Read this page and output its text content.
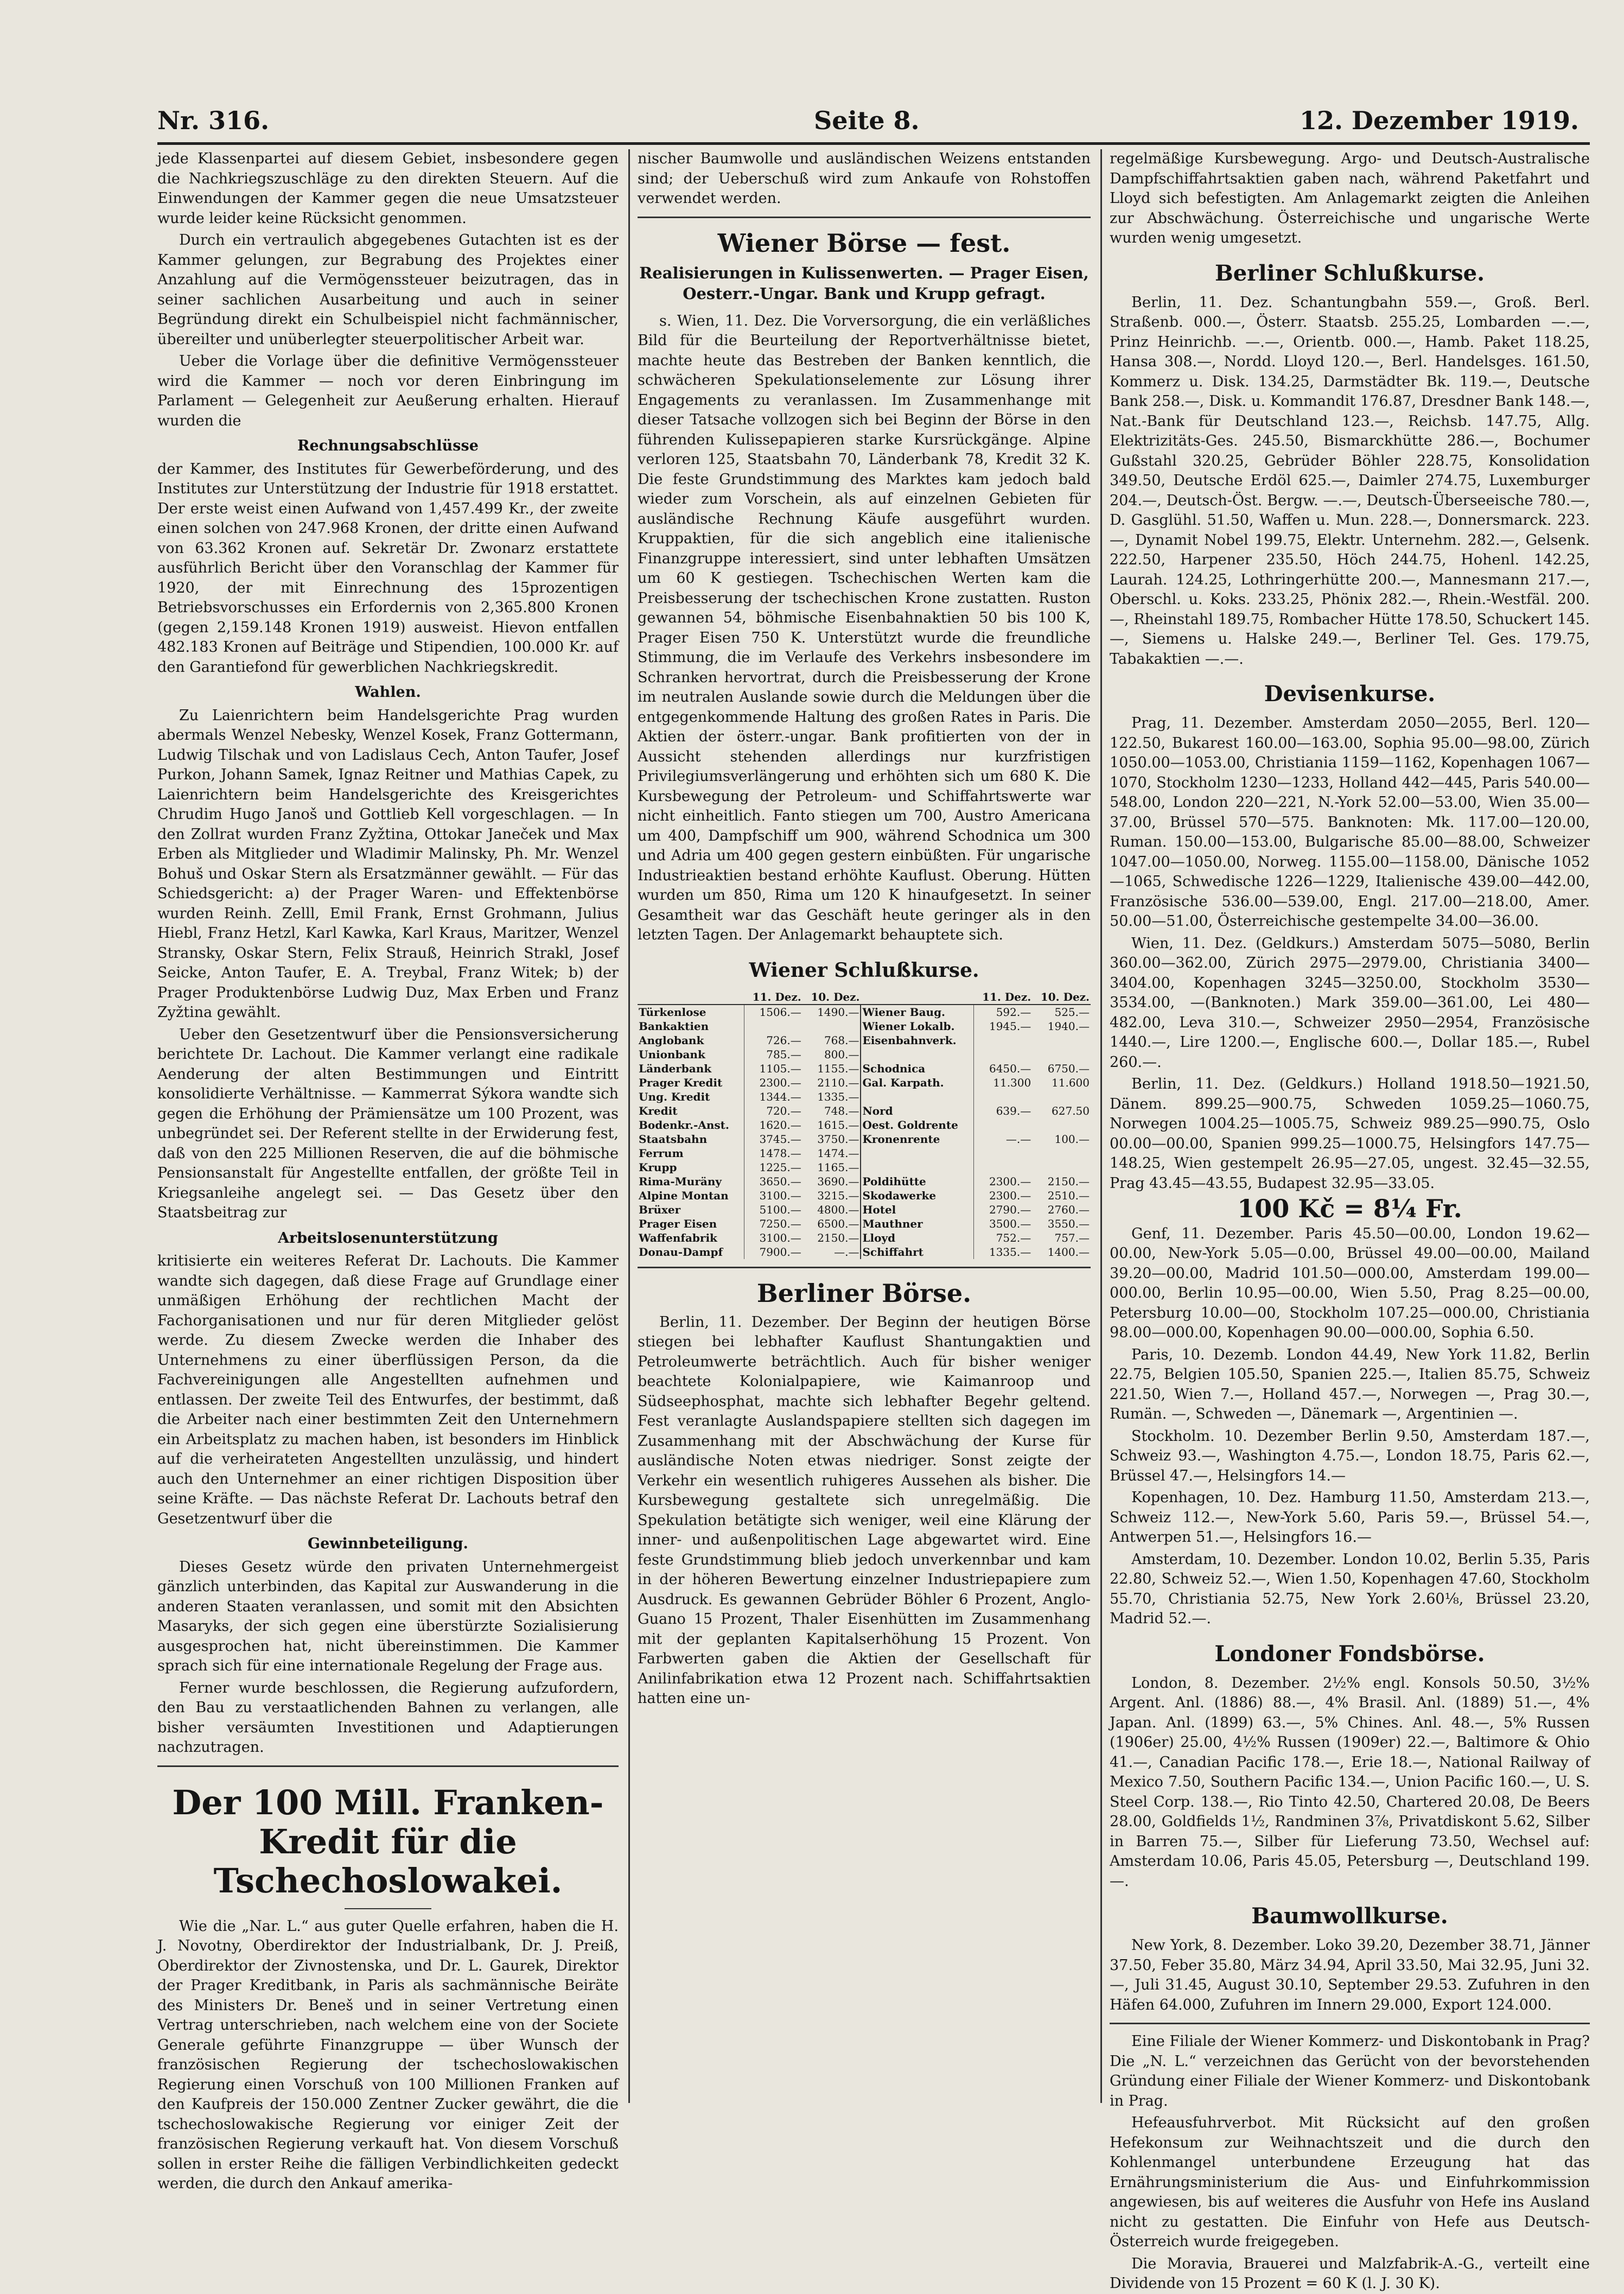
Nr. 316.	Seite 8.	12. Dezember 1919.

jede Klassenpartei auf diesem Gebiet, insbesondere gegen die Nachkriegszuschläge zu den direkten Steuern. Auf die Einwendungen der Kammer gegen die neue Umsatzsteuer wurde leider keine Rücksicht genommen.

Durch ein vertraulich abgegebenes Gutachten ist es der Kammer gelungen, zur Begrabung des Projektes einer Anzahlung auf die Vermögenssteuer beizutragen, das in seiner sachlichen Ausarbeitung und auch in seiner Begründung direkt ein Schulbeispiel nicht fachmännischer, übereilter und unüberlegter steuerpolitischer Arbeit war.

Ueber die Vorlage über die definitive Vermögenssteuer wird die Kammer — noch vor deren Einbringung im Parlament — Gelegenheit zur Aeußerung erhalten. Hierauf wurden die

Rechnungsabschlüsse

der Kammer, des Institutes für Gewerbeförderung, und des Institutes zur Unterstützung der Industrie für 1918 erstattet. Der erste weist einen Aufwand von 1,457.499 Kr., der zweite einen solchen von 247.968 Kronen, der dritte einen Aufwand von 63.362 Kronen auf. Sekretär Dr. Zwonarz erstattete ausführlich Bericht über den Voranschlag der Kammer für 1920, der mit Einrechnung des 15prozentigen Betriebsvorschusses ein Erfordernis von 2,365.800 Kronen (gegen 2,159.148 Kronen 1919) ausweist. Hievon entfallen 482.183 Kronen auf Beiträge und Stipendien, 100.000 Kr. auf den Garantiefond für gewerblichen Nachkriegskredit.

Wahlen.

Zu Laienrichtern beim Handelsgerichte Prag wurden abermals Wenzel Nebesky, Wenzel Kosek, Franz Gottermann, Ludwig Tilschak und von Ladislaus Cech, Anton Taufer, Josef Purkon, Johann Samek, Ignaz Reitner und Mathias Capek, zu Laienrichtern beim Handelsgerichte des Kreisgerichtes Chrudim Hugo Janoš und Gottlieb Kell vorgeschlagen. — In den Zollrat wurden Franz Zyžtina, Ottokar Janeček und Max Erben als Mitglieder und Wladimir Malinsky, Ph. Mr. Wenzel Bohuš und Oskar Stern als Ersatzmänner gewählt. — Für das Schiedsgericht: a) der Prager Waren- und Effektenbörse wurden Reinh. Zelll, Emil Frank, Ernst Grohmann, Julius Hiebl, Franz Hetzl, Karl Kawka, Karl Kraus, Maritzer, Wenzel Stransky, Oskar Stern, Felix Strauß, Heinrich Strakl, Josef Seicke, Anton Taufer, E. A. Treybal, Franz Witek; b) der Prager Produktenbörse Ludwig Duz, Max Erben und Franz Zyžtina gewählt.

Ueber den Gesetzentwurf über die Pensionsversicherung berichtete Dr. Lachout. Die Kammer verlangt eine radikale Aenderung der alten Bestimmungen und Eintritt konsolidierte Verhältnisse. — Kammerrat Sýkora wandte sich gegen die Erhöhung der Prämiensätze um 100 Prozent, was unbegründet sei. Der Referent stellte in der Erwiderung fest, daß von den 225 Millionen Reserven, die auf die böhmische Pensionsanstalt für Angestellte entfallen, der größte Teil in Kriegsanleihe angelegt sei. — Das Gesetz über den Staatsbeitrag zur

Arbeitslosenunterstützung

kritisierte ein weiteres Referat Dr. Lachouts. Die Kammer wandte sich dagegen, daß diese Frage auf Grundlage einer unmäßigen Erhöhung der rechtlichen Macht der Fachorganisationen und nur für deren Mitglieder gelöst werde. Zu diesem Zwecke werden die Inhaber des Unternehmens zu einer überflüssigen Person, da die Fachvereinigungen alle Angestellten aufnehmen und entlassen. Der zweite Teil des Entwurfes, der bestimmt, daß die Arbeiter nach einer bestimmten Zeit den Unternehmern ein Arbeitsplatz zu machen haben, ist besonders im Hinblick auf die verheirateten Angestellten unzulässig, und hindert auch den Unternehmer an einer richtigen Disposition über seine Kräfte. — Das nächste Referat Dr. Lachouts betraf den Gesetzentwurf über die

Gewinnbeteiligung.

Dieses Gesetz würde den privaten Unternehmergeist gänzlich unterbinden, das Kapital zur Auswanderung in die anderen Staaten veranlassen, und somit mit den Absichten Masaryks, der sich gegen eine überstürzte Sozialisierung ausgesprochen hat, nicht übereinstimmen. Die Kammer sprach sich für eine internationale Regelung der Frage aus.

Ferner wurde beschlossen, die Regierung aufzufordern, den Bau zu verstaatlichenden Bahnen zu verlangen, alle bisher versäumten Investitionen und Adaptierungen nachzutragen.

Der 100 Mill. Franken-Kredit für die Tschechoslowakei.

Wie die „Nar. L.“ aus guter Quelle erfahren, haben die H. J. Novotny, Oberdirektor der Industrialbank, Dr. J. Preiß, Oberdirektor der Zivnostenska, und Dr. L. Gaurek, Direktor der Prager Kreditbank, in Paris als sachmännische Beiräte des Ministers Dr. Beneš und in seiner Vertretung einen Vertrag unterschrieben, nach welchem eine von der Societe Generale geführte Finanzgruppe — über Wunsch der französischen Regierung der tschechoslowakischen Regierung einen Vorschuß von 100 Millionen Franken auf den Kaufpreis der 150.000 Zentner Zucker gewährt, die die tschechoslowakische Regierung vor einiger Zeit der französischen Regierung verkauft hat. Von diesem Vorschuß sollen in erster Reihe die fälligen Verbindlichkeiten gedeckt werden, die durch den Ankauf amerika-

nischer Baumwolle und ausländischen Weizens entstanden sind; der Ueberschuß wird zum Ankaufe von Rohstoffen verwendet werden.

Wiener Börse — fest.
Realisierungen in Kulissenwerten. — Prager Eisen, Oesterr.-Ungar. Bank und Krupp gefragt.

s. Wien, 11. Dez. Die Vorversorgung, die ein verläßliches Bild für die Beurteilung der Reportverhältnisse bietet, machte heute das Bestreben der Banken kenntlich, die schwächeren Spekulationselemente zur Lösung ihrer Engagements zu veranlassen. Im Zusammenhange mit dieser Tatsache vollzogen sich bei Beginn der Börse in den führenden Kulissepapieren starke Kursrückgänge. Alpine verloren 125, Staatsbahn 70, Länderbank 78, Kredit 32 K. Die feste Grundstimmung des Marktes kam jedoch bald wieder zum Vorschein, als auf einzelnen Gebieten für ausländische Rechnung Käufe ausgeführt wurden. Kruppaktien, für die sich angeblich eine italienische Finanzgruppe interessiert, sind unter lebhaften Umsätzen um 60 K gestiegen. Tschechischen Werten kam die Preisbesserung der tschechischen Krone zustatten. Ruston gewannen 54, böhmische Eisenbahnaktien 50 bis 100 K, Prager Eisen 750 K. Unterstützt wurde die freundliche Stimmung, die im Verlaufe des Verkehrs insbesondere im Schranken hervortrat, durch die Preisbesserung der Krone im neutralen Auslande sowie durch die Meldungen über die entgegenkommende Haltung des großen Rates in Paris. Die Aktien der österr.-ungar. Bank profitierten von der in Aussicht stehenden allerdings nur kurzfristigen Privilegiumsverlängerung und erhöhten sich um 680 K. Die Kursbewegung der Petroleum- und Schiffahrtswerte war nicht einheitlich. Fanto stiegen um 700, Austro Americana um 400, Dampfschiff um 900, während Schodnica um 300 und Adria um 400 gegen gestern einbüßten. Für ungarische Industrieaktien bestand erhöhte Kauflust. Oberung. Hütten wurden um 850, Rima um 120 K hinaufgesetzt. In seiner Gesamtheit war das Geschäft heute geringer als in den letzten Tagen. Der Anlagemarkt behauptete sich.

Wiener Schlußkurse.
	11. Dez.	10. Dez.		11. Dez.	10. Dez.
Türkenlose	1506.—	1490.—	Wiener Baug.	592.—	525.—
Bankaktien			Wiener Lokalb.	1945.—	1940.—
Anglobank	726.—	768.—	Eisenbahnverk.		
Unionbank	785.—	800.—			
Länderbank	1105.—	1155.—	Schodnica	6450.—	6750.—
Prager Kredit	2300.—	2110.—	Gal. Karpath.	11.300	11.600
Ung. Kredit	1344.—	1335.—			
Kredit	720.—	748.—	Nord	639.—	627.50
Bodenkr.-Anst.	1620.—	1615.—	Oest. Goldrente		
Staatsbahn	3745.—	3750.—	Kronenrente	—.—	100.—
Ferrum	1478.—	1474.—			
Krupp	1225.—	1165.—			
Rima-Muräny	3650.—	3690.—	Poldihütte	2300.—	2150.—
Alpine Montan	3100.—	3215.—	Skodawerke	2300.—	2510.—
Brüxer	5100.—	4800.—	Hotel	2790.—	2760.—
Prager Eisen	7250.—	6500.—	Mauthner	3500.—	3550.—
Waffenfabrik	3100.—	2150.—	Lloyd	752.—	757.—
Donau-Dampf	7900.—	—.—	Schiffahrt	1335.—	1400.—
Berliner Börse.

Berlin, 11. Dezember. Der Beginn der heutigen Börse stiegen bei lebhafter Kauflust Shantungaktien und Petroleumwerte beträchtlich. Auch für bisher weniger beachtete Kolonialpapiere, wie Kaimanroop und Südseephosphat, machte sich lebhafter Begehr geltend. Fest veranlagte Auslandspapiere stellten sich dagegen im Zusammenhang mit der Abschwächung der Kurse für ausländische Noten etwas niedriger. Sonst zeigte der Verkehr ein wesentlich ruhigeres Aussehen als bisher. Die Kursbewegung gestaltete sich unregelmäßig. Die Spekulation betätigte sich weniger, weil eine Klärung der inner- und außenpolitischen Lage abgewartet wird. Eine feste Grundstimmung blieb jedoch unverkennbar und kam in der höheren Bewertung einzelner Industriepapiere zum Ausdruck. Es gewannen Gebrüder Böhler 6 Prozent, Anglo-Guano 15 Prozent, Thaler Eisenhütten im Zusammenhang mit der geplanten Kapitalserhöhung 15 Prozent. Von Farbwerten gaben die Aktien der Gesellschaft für Anilinfabrikation etwa 12 Prozent nach. Schiffahrtsaktien hatten eine un-

regelmäßige Kursbewegung. Argo- und Deutsch-Australische Dampfschiffahrtsaktien gaben nach, während Paketfahrt und Lloyd sich befestigten. Am Anlagemarkt zeigten die Anleihen zur Abschwächung. Österreichische und ungarische Werte wurden wenig umgesetzt.

Berliner Schlußkurse.

Berlin, 11. Dez. Schantungbahn 559.—, Groß. Berl. Straßenb. 000.—, Österr. Staatsb. 255.25, Lombarden —.—, Prinz Heinrichb. —.—, Orientb. 000.—, Hamb. Paket 118.25, Hansa 308.—, Nordd. Lloyd 120.—, Berl. Handelsges. 161.50, Kommerz u. Disk. 134.25, Darmstädter Bk. 119.—, Deutsche Bank 258.—, Disk. u. Kommandit 176.87, Dresdner Bank 148.—, Nat.-Bank für Deutschland 123.—, Reichsb. 147.75, Allg. Elektrizitäts-Ges. 245.50, Bismarckhütte 286.—, Bochumer Gußstahl 320.25, Gebrüder Böhler 228.75, Konsolidation 349.50, Deutsche Erdöl 625.—, Daimler 274.75, Luxemburger 204.—, Deutsch-Öst. Bergw. —.—, Deutsch-Überseeische 780.—, D. Gasglühl. 51.50, Waffen u. Mun. 228.—, Donnersmarck. 223.—, Dynamit Nobel 199.75, Elektr. Unternehm. 282.—, Gelsenk. 222.50, Harpener 235.50, Höch 244.75, Hohenl. 142.25, Laurah. 124.25, Lothringerhütte 200.—, Mannesmann 217.—, Oberschl. u. Koks. 233.25, Phönix 282.—, Rhein.-Westfäl. 200.—, Rheinstahl 189.75, Rombacher Hütte 178.50, Schuckert 145.—, Siemens u. Halske 249.—, Berliner Tel. Ges. 179.75, Tabakaktien —.—.

Devisenkurse.

Prag, 11. Dezember. Amsterdam 2050—2055, Berl. 120—122.50, Bukarest 160.00—163.00, Sophia 95.00—98.00, Zürich 1050.00—1053.00, Christiania 1159—1162, Kopenhagen 1067—1070, Stockholm 1230—1233, Holland 442—445, Paris 540.00—548.00, London 220—221, N.-York 52.00—53.00, Wien 35.00—37.00, Brüssel 570—575. Banknoten: Mk. 117.00—120.00, Ruman. 150.00—153.00, Bulgarische 85.00—88.00, Schweizer 1047.00—1050.00, Norweg. 1155.00—1158.00, Dänische 1052—1065, Schwedische 1226—1229, Italienische 439.00—442.00, Französische 536.00—539.00, Engl. 217.00—218.00, Amer. 50.00—51.00, Österreichische gestempelte 34.00—36.00.

Wien, 11. Dez. (Geldkurs.) Amsterdam 5075—5080, Berlin 360.00—362.00, Zürich 2975—2979.00, Christiania 3400—3404.00, Kopenhagen 3245—3250.00, Stockholm 3530—3534.00, —(Banknoten.) Mark 359.00—361.00, Lei 480—482.00, Leva 310.—, Schweizer 2950—2954, Französische 1440.—, Lire 1200.—, Englische 600.—, Dollar 185.—, Rubel 260.—.

Berlin, 11. Dez. (Geldkurs.) Holland 1918.50—1921.50, Dänem. 899.25—900.75, Schweden 1059.25—1060.75, Norwegen 1004.25—1005.75, Schweiz 989.25—990.75, Oslo 00.00—00.00, Spanien 999.25—1000.75, Helsingfors 147.75—148.25, Wien gestempelt 26.95—27.05, ungest. 32.45—32.55, Prag 43.45—43.55, Budapest 32.95—33.05.

100 Kč = 8¼ Fr.

Genf, 11. Dezember. Paris 45.50—00.00, London 19.62—00.00, New-York 5.05—0.00, Brüssel 49.00—00.00, Mailand 39.20—00.00, Madrid 101.50—000.00, Amsterdam 199.00—000.00, Berlin 10.95—00.00, Wien 5.50, Prag 8.25—00.00, Petersburg 10.00—00, Stockholm 107.25—000.00, Christiania 98.00—000.00, Kopenhagen 90.00—000.00, Sophia 6.50.

Paris, 10. Dezemb. London 44.49, New York 11.82, Berlin 22.75, Belgien 105.50, Spanien 225.—, Italien 85.75, Schweiz 221.50, Wien 7.—, Holland 457.—, Norwegen —, Prag 30.—, Rumän. —, Schweden —, Dänemark —, Argentinien —.

Stockholm. 10. Dezember Berlin 9.50, Amsterdam 187.—, Schweiz 93.—, Washington 4.75.—, London 18.75, Paris 62.—, Brüssel 47.—, Helsingfors 14.—

Kopenhagen, 10. Dez. Hamburg 11.50, Amsterdam 213.—, Schweiz 112.—, New-York 5.60, Paris 59.—, Brüssel 54.—, Antwerpen 51.—, Helsingfors 16.—

Amsterdam, 10. Dezember. London 10.02, Berlin 5.35, Paris 22.80, Schweiz 52.—, Wien 1.50, Kopenhagen 47.60, Stockholm 55.70, Christiania 52.75, New York 2.60⅛, Brüssel 23.20, Madrid 52.—.

Londoner Fondsbörse.

London, 8. Dezember. 2½% engl. Konsols 50.50, 3½% Argent. Anl. (1886) 88.—, 4% Brasil. Anl. (1889) 51.—, 4% Japan. Anl. (1899) 63.—, 5% Chines. Anl. 48.—, 5% Russen (1906er) 25.00, 4½% Russen (1909er) 22.—, Baltimore & Ohio 41.—, Canadian Pacific 178.—, Erie 18.—, National Railway of Mexico 7.50, Southern Pacific 134.—, Union Pacific 160.—, U. S. Steel Corp. 138.—, Rio Tinto 42.50, Chartered 20.08, De Beers 28.00, Goldfields 1½, Randminen 3⅞, Privatdiskont 5.62, Silber in Barren 75.—, Silber für Lieferung 73.50, Wechsel auf: Amsterdam 10.06, Paris 45.05, Petersburg —, Deutschland 199.—.

Baumwollkurse.

New York, 8. Dezember. Loko 39.20, Dezember 38.71, Jänner 37.50, Feber 35.80, März 34.94, April 33.50, Mai 32.95, Juni 32.—, Juli 31.45, August 30.10, September 29.53. Zufuhren in den Häfen 64.000, Zufuhren im Innern 29.000, Export 124.000.

Eine Filiale der Wiener Kommerz- und Diskontobank in Prag? Die „N. L.“ verzeichnen das Gerücht von der bevorstehenden Gründung einer Filiale der Wiener Kommerz- und Diskontobank in Prag.

Hefeausfuhrverbot. Mit Rücksicht auf den großen Hefekonsum zur Weihnachtszeit und die durch den Kohlenmangel unterbundene Erzeugung hat das Ernährungsministerium die Aus- und Einfuhrkommission angewiesen, bis auf weiteres die Ausfuhr von Hefe ins Ausland nicht zu gestatten. Die Einfuhr von Hefe aus Deutsch-Österreich wurde freigegeben.

Die Moravia, Brauerei und Malzfabrik-A.-G., verteilt eine Dividende von 15 Prozent = 60 K (l. J. 30 K).
